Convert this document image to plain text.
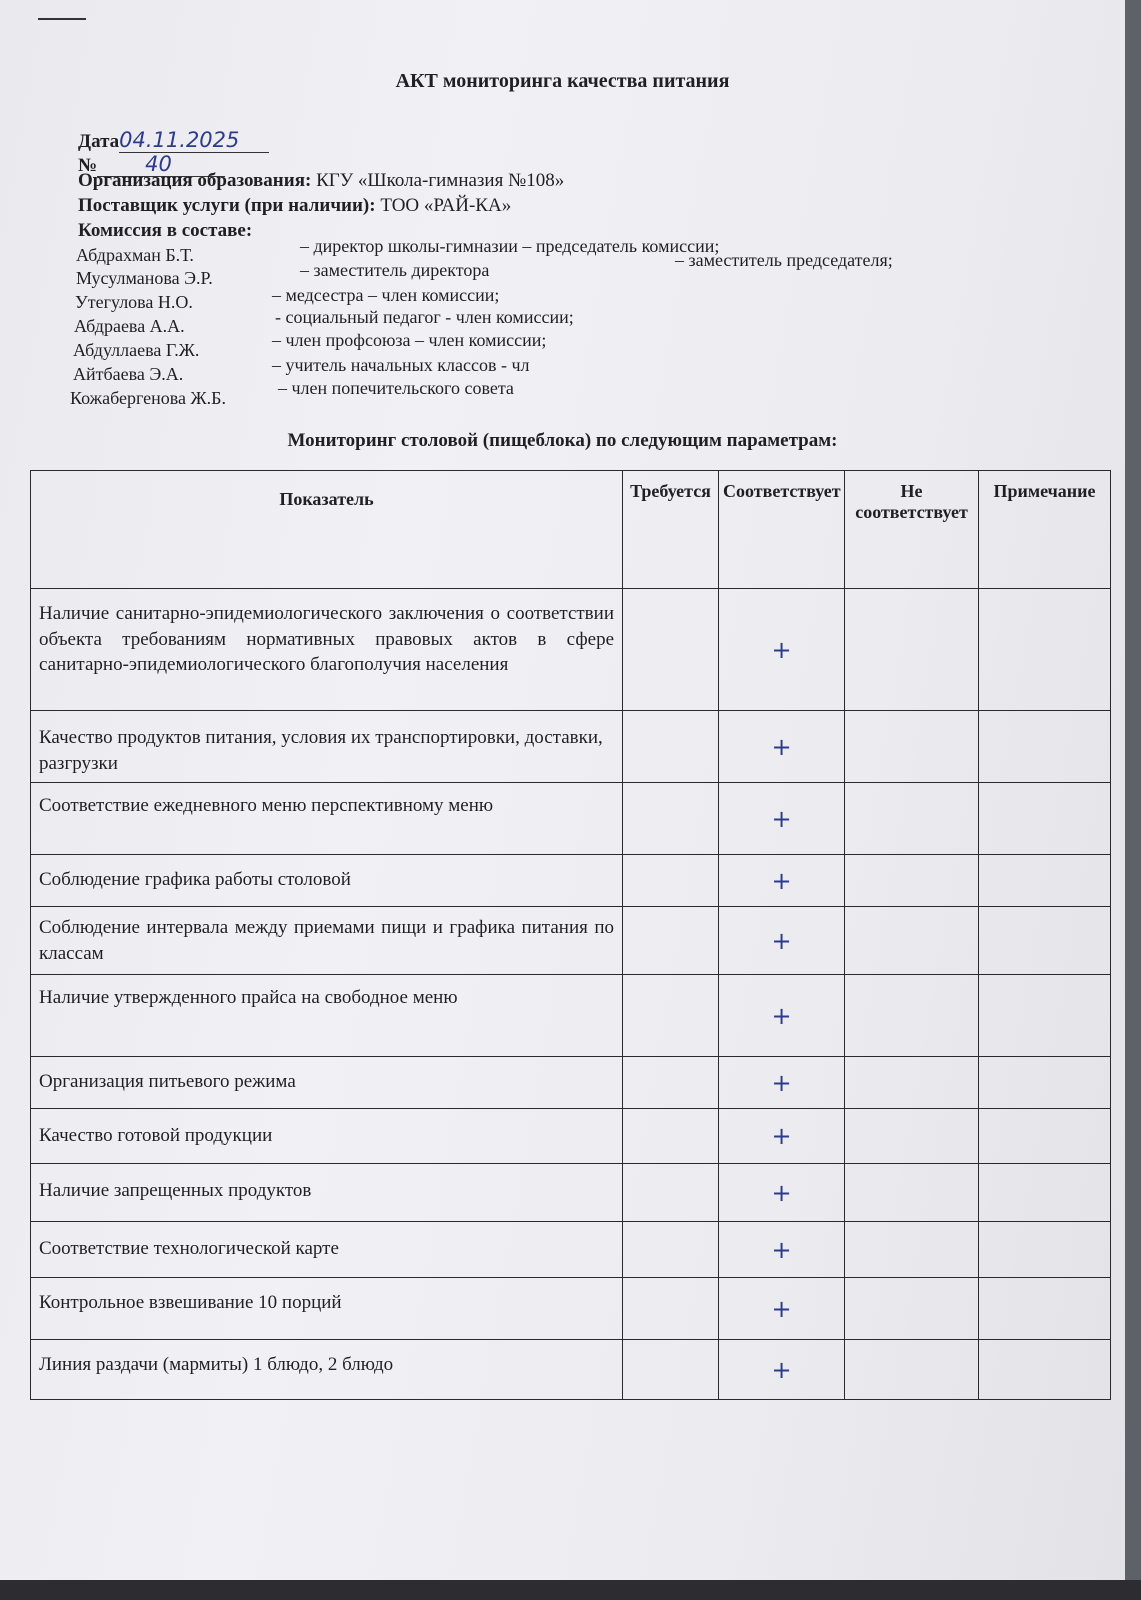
АКТ мониторинга качества питания
Дата04.11.2025
№ 40
Организация образования: КГУ «Школа-гимназия №108»
Поставщик услуги (при наличии): ТОО «РАЙ-КА»
Комиссия в составе:
Абдрахман Б.Т.	– директор школы-гимназии – председатель комиссии;
Мусулманова Э.Р.	– заместитель директора	– заместитель председателя;
Утегулова Н.О.	– медсестра – член комиссии;
Абдраева А.А.	- социальный педагог - член комиссии;
Абдуллаева Г.Ж.	– член профсоюза – член комиссии;
Айтбаева Э.А.	– учитель начальных классов - чл
Кожабергенова Ж.Б.	– член попечительского совета
Мониторинг столовой (пищеблока) по следующим параметрам:
Показатель	Требуется	Соответствует	Не соответствует	Примечание
Наличие санитарно-эпидемиологического заключения о соответствии объекта требованиям нормативных правовых актов в сфере санитарно-эпидемиологического благополучия населения		+		
Качество продуктов питания, условия их транспортировки, доставки, разгрузки		+		
Соответствие ежедневного меню перспективному меню		+		
Соблюдение графика работы столовой		+		
Соблюдение интервала между приемами пищи и графика питания по классам		+		
Наличие утвержденного прайса на свободное меню		+		
Организация питьевого режима		+		
Качество готовой продукции		+		
Наличие запрещенных продуктов		+		
Соответствие технологической карте		+		
Контрольное взвешивание 10 порций		+		
Линия раздачи (мармиты) 1 блюдо, 2 блюдо		+		
